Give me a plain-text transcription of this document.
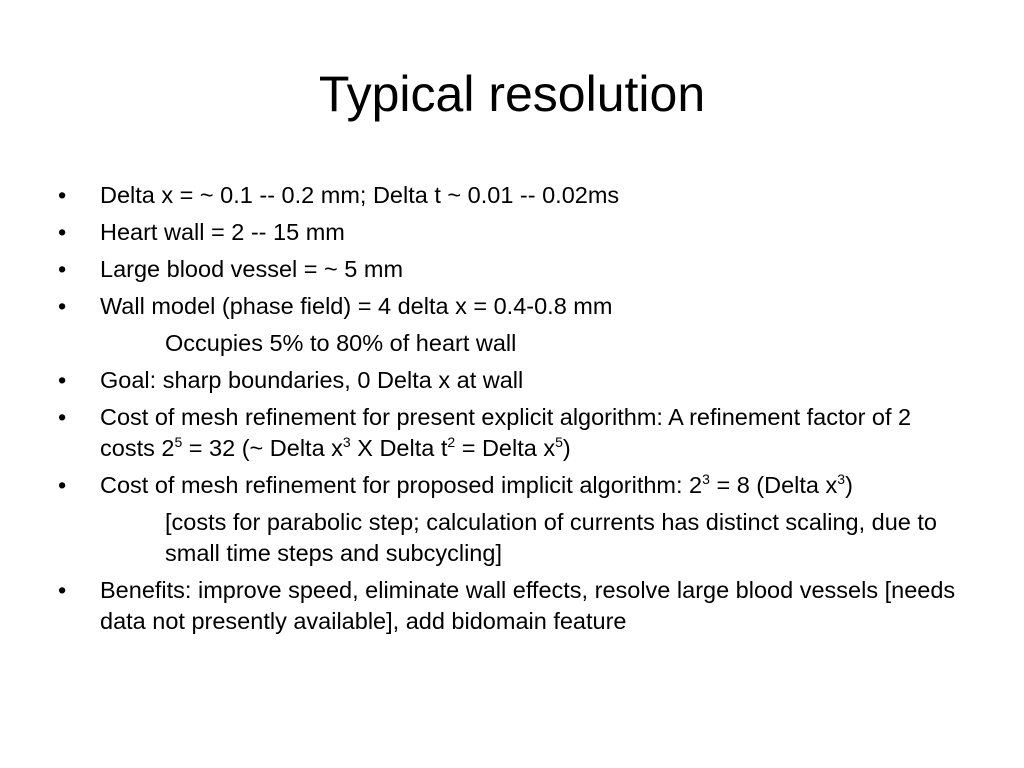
Typical resolution

• Delta x = ~ 0.1 -- 0.2 mm; Delta t ~ 0.01 -- 0.02ms

• Heart wall = 2 -- 15 mm

• Large blood vessel = ~ 5 mm

• Wall model (phase field) = 4 delta x = 0.4-0.8 mm

Occupies 5% to 80% of heart wall

• Goal: sharp boundaries, 0 Delta x at wall

• Cost of mesh refinement for present explicit algorithm: A refinement factor of 2 costs $2^5 = 32$ (~ Delta $x^3$ X Delta $t^2$ = Delta $x^5$)

• Cost of mesh refinement for proposed implicit algorithm: $2^3 = 8$ (Delta $x^3$)

[costs for parabolic step; calculation of currents has distinct scaling, due to small time steps and subcycling]

• Benefits: improve speed, eliminate wall effects, resolve large blood vessels [needs data not presently available], add bidomain feature
